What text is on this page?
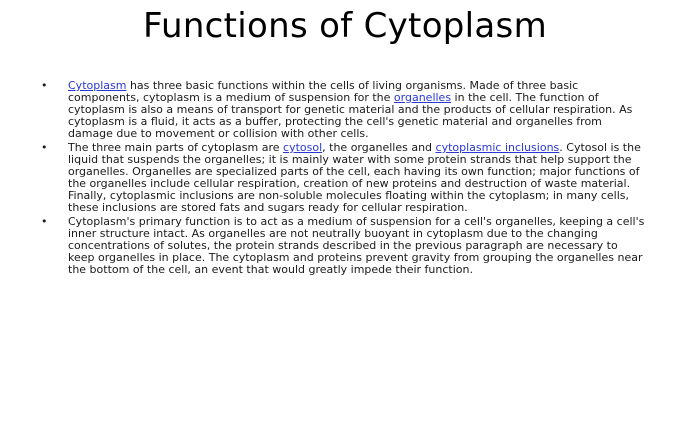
Functions of Cytoplasm
• Cytoplasm has three basic functions within the cells of living organisms. Made of three basic components, cytoplasm is a medium of suspension for the organelles in the cell. The function of cytoplasm is also a means of transport for genetic material and the products of cellular respiration. As cytoplasm is a fluid, it acts as a buffer, protecting the cell's genetic material and organelles from damage due to movement or collision with other cells.
• The three main parts of cytoplasm are cytosol, the organelles and cytoplasmic inclusions. Cytosol is the liquid that suspends the organelles; it is mainly water with some protein strands that help support the organelles. Organelles are specialized parts of the cell, each having its own function; major functions of the organelles include cellular respiration, creation of new proteins and destruction of waste material. Finally, cytoplasmic inclusions are non-soluble molecules floating within the cytoplasm; in many cells, these inclusions are stored fats and sugars ready for cellular respiration.
• Cytoplasm's primary function is to act as a medium of suspension for a cell's organelles, keeping a cell's inner structure intact. As organelles are not neutrally buoyant in cytoplasm due to the changing concentrations of solutes, the protein strands described in the previous paragraph are necessary to keep organelles in place. The cytoplasm and proteins prevent gravity from grouping the organelles near the bottom of the cell, an event that would greatly impede their function.
